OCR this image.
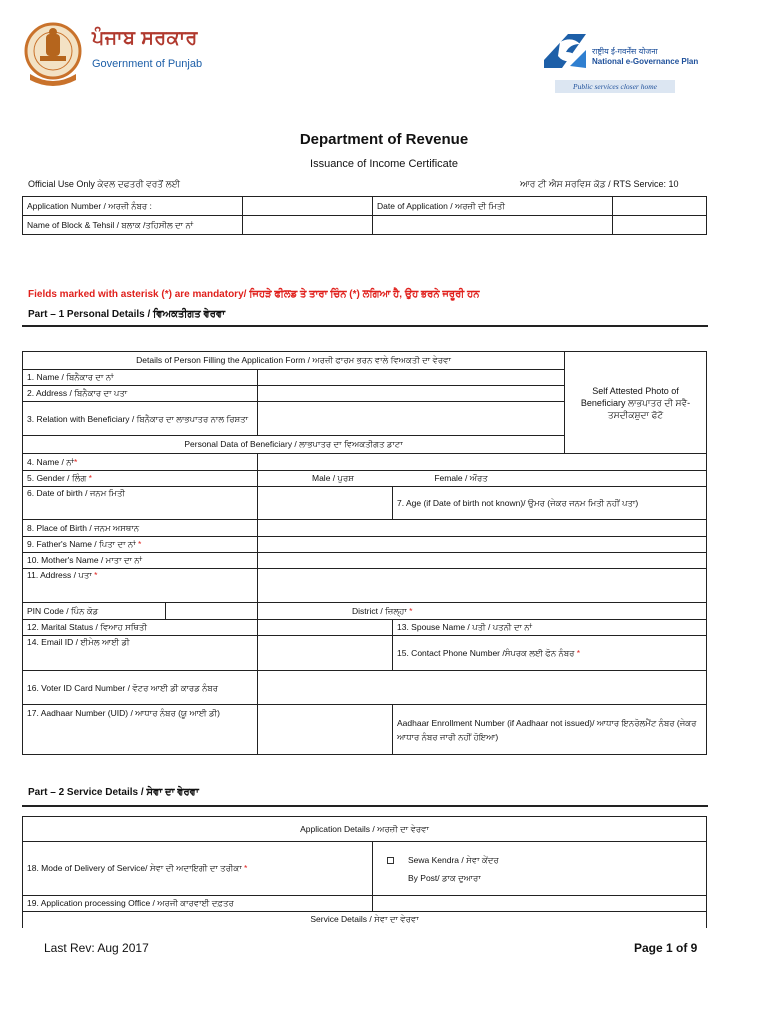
ਪੰਜਾਬ ਸਰਕਾਰ
Government of Punjab
राष्ट्रीय ई-गवर्नेंस योजना
National e-Governance Plan
Public services closer home
Department of Revenue
Issuance of Income Certificate
Official Use Only ਕੇਵਲ ਦਫਤਰੀ ਵਰਤੋਂ ਲਈ	ਆਰ ਟੀ ਐਸ ਸਰਵਿਸ ਕੋਡ / RTS Service: 10
Application Number / ਅਰਜ਼ੀ ਨੰਬਰ :		Date of Application / ਅਰਜ਼ੀ ਦੀ ਮਿਤੀ	
Name of Block & Tehsil / ਬਲਾਕ /ਤਹਿਸੀਲ ਦਾ ਨਾਂ			
Fields marked with asterisk (*) are mandatory/ ਜਿਹੜੇ ਫੀਲਡ ਤੇ ਤਾਰਾ ਚਿੰਨ (*) ਲਗਿਆ ਹੈ, ਉਹ ਭਰਨੇ ਜਰੂਰੀ ਹਨ
Part – 1 Personal Details / ਵਿਅਕਤੀਗਤ ਵੇਰਵਾ
Details of Person Filling the Application Form / ਅਰਜ਼ੀ ਫਾਰਮ ਭਰਨ ਵਾਲੇ ਵਿਅਕਤੀ ਦਾ ਵੇਰਵਾ				Self Attested Photo of Beneficiary ਲਾਭਪਾਤਰ ਦੀ ਸਵੈ-ਤਸਦੀਕਸ਼ੁਦਾ ਫੋਟੋ
1. Name / ਬਿਨੈਕਾਰ ਦਾ ਨਾਂ				
2. Address / ਬਿਨੈਕਾਰ ਦਾ ਪਤਾ				
3. Relation with Beneficiary / ਬਿਨੈਕਾਰ ਦਾ ਲਾਭਪਾਤਰ ਨਾਲ ਰਿਸ਼ਤਾ				
Personal Data of Beneficiary / ਲਾਭਪਾਤਰ ਦਾ ਵਿਅਕਤੀਗਤ ਡਾਟਾ				
4. Name / ਨਾਂ*				
5. Gender / ਲਿੰਗ *		Male / ਪੁਰਸ਼ Female / ਔਰਤ		
6. Date of birth / ਜਨਮ ਮਿਤੀ			7. Age (if Date of birth not known)/ ਉਮਰ (ਜੇਕਰ ਜਨਮ ਮਿਤੀ ਨਹੀਂ ਪਤਾ)	
8. Place of Birth / ਜਨਮ ਅਸਥਾਨ				
9. Father's Name / ਪਿਤਾ ਦਾ ਨਾਂ *				
10. Mother's Name / ਮਾਤਾ ਦਾ ਨਾਂ				
11. Address / ਪਤਾ *				
PIN Code / ਪਿੰਨ ਕੋਡ		District / ਜ਼ਿਲ੍ਹਾ *		
12. Marital Status / ਵਿਆਹ ਸਥਿਤੀ			13. Spouse Name / ਪਤੀ / ਪਤਨੀ ਦਾ ਨਾਂ	
14. Email ID / ਈਮੇਲ ਆਈ ਡੀ			15. Contact Phone Number /ਸੰਪਰਕ ਲਈ ਫੋਨ ਨੰਬਰ *	
16. Voter ID Card Number / ਵੋਟਰ ਆਈ ਡੀ ਕਾਰਡ ਨੰਬਰ				
17. Aadhaar Number (UID) / ਆਧਾਰ ਨੰਬਰ (ਯੂ ਆਈ ਡੀ)			Aadhaar Enrollment Number (if Aadhaar not issued)/ ਆਧਾਰ ਇਨਰੋਲਮੈਂਟ ਨੰਬਰ (ਜੇਕਰ ਆਧਾਰ ਨੰਬਰ ਜਾਰੀ ਨਹੀਂ ਹੋਇਆ)	
Part – 2 Service Details / ਸੇਵਾ ਦਾ ਵੇਰਵਾ
Application Details / ਅਰਜ਼ੀ ਦਾ ਵੇਰਵਾ	
18. Mode of Delivery of Service/ ਸੇਵਾ ਦੀ ਅਦਾਇਗੀ ਦਾ ਤਰੀਕਾ *	Sewa Kendra / ਸੇਵਾ ਕੇਂਦਰ
By Post/ ਡਾਕ ਦੁਆਰਾ

19. Application processing Office / ਅਰਜੀ ਕਾਰਵਾਈ ਦਫ਼ਤਰ	
Service Details / ਸੇਵਾ ਦਾ ਵੇਰਵਾ	
Last Rev: Aug 2017	Page 1 of 9
